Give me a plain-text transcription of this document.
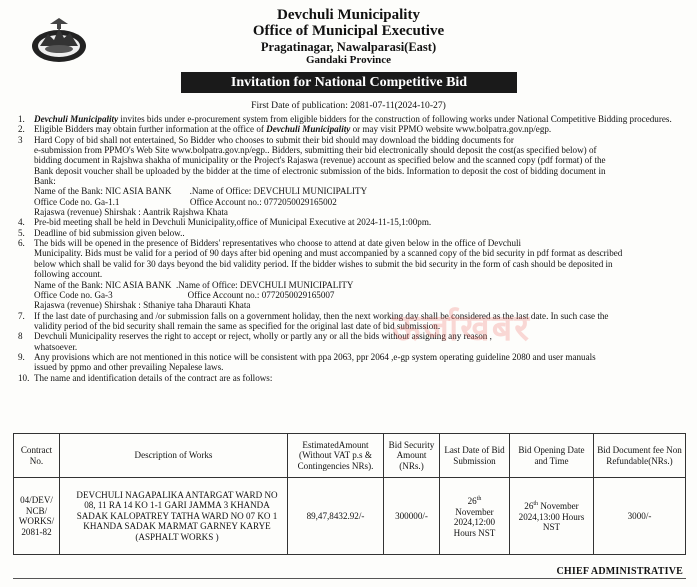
Devchuli Municipality
Office of Municipal Executive
Pragatinagar, Nawalparasi(East)
Gandaki Province
Invitation for National Competitive Bid
First Date of publication: 2081-07-11(2024-10-27)
1.	Devchuli Municipality invites bids under e-procurement system from eligible bidders for the construction of following works under National Competitive Bidding procedures.
2.	Eligible Bidders may obtain further information at the office of Devchuli Municipality or may visit PPMO website www.bolpatra.gov.np/egp.
3	Hard Copy of bid shall not entertained, So Bidder who chooses to submit their bid should may download the bidding documents for
e-submission from PPMO's Web Site www.bolpatra.gov.np/egp.. Bidders, submitting their bid electronically should deposit the cost(as specified below) of
bidding document in Rajshwa shakha of municipality or the Project's Rajaswa (revenue) account as specified below and the scanned copy (pdf format) of the
Bank deposit voucher shall be uploaded by the bidder at the time of electronic submission of the bids. Information to deposit the cost of bidding document in
Bank:
Name of the Bank: NIC ASIA BANK        .Name of Office: DEVCHULI MUNICIPALITY
Office Code no. Ga-1.1                               Office Account no.: 0772050029165002
Rajaswa (revenue) Shirshak : Aantrik Rajshwa Khata
4.	Pre-bid meeting shall be held in Devchuli Municipality,office of Municipal Executive at 2024-11-15,1:00pm.
5.	Deadline of bid submission given below..
6.	The bids will be opened in the presence of Bidders' representatives who choose to attend at date given below in the office of Devchuli
Municipality. Bids must be valid for a period of 90 days after bid opening and must accompanied by a scanned copy of the bid security in pdf format as described
below which shall be valid for 30 days beyond the bid validity period. If the bidder wishes to submit the bid security in the form of cash should be deposited in
following account.
Name of the Bank: NIC ASIA BANK  .Name of Office: DEVCHULI MUNICIPALITY
Office Code no. Ga-3                                 Office Account no.: 0772050029165007
Rajaswa (revenue) Shirshak : Sthaniye taha Dharauti Khata
7.	If the last date of purchasing and /or submission falls on a government holiday, then the next working day shall be considered as the last date. In such case the
validity period of the bid security shall remain the same as specified for the original last date of bid submission.
8	Devchuli Municipality reserves the right to accept or reject, wholly or partly any or all the bids without assigning any reason ,
whatsoever.
9.	Any provisions which are not mentioned in this notice will be consistent with ppa 2063, ppr 2064 ,e-gp system operating guideline 2080 and user manuals
issued by ppmo and other prevailing Nepalese laws.
10. The name and identification details of the contract are as follows:
Contract No.	Description of Works	EstimatedAmount (Without VAT p.s & Contingencies NRs).	Bid Security Amount (NRs.)	Last Date of Bid Submission	Bid Opening Date and Time	Bid Document fee Non Refundable(NRs.)
04/DEV/ NCB/ WORKS/ 2081-82	DEVCHULI NAGAPALIKA ANTARGAT WARD NO 08, 11 RA 14 KO 1-1 GARI JAMMA 3 KHANDA SADAK KALOPATREY TATHA WARD NO 07 KO 1 KHANDA SADAK MARMAT GARNEY KARYE (ASPHALT WORKS )	89,47,8432.92/-	300000/-	26th
November 2024,12:00 Hours NST	26th November 2024,13:00 Hours NST	3000/-
ऊर्जाखबर
CHIEF ADMINISTRATIVE
